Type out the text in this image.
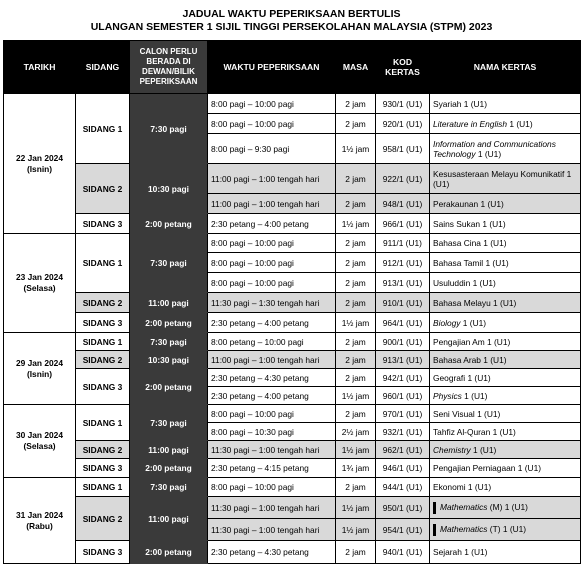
JADUAL WAKTU PEPERIKSAAN BERTULIS
ULANGAN SEMESTER 1 SIJIL TINGGI PERSEKOLAHAN MALAYSIA (STPM) 2023
TARIKH	SIDANG	CALON PERLU BERADA DI DEWAN/BILIK PEPERIKSAAN	WAKTU PEPERIKSAAN	MASA	KOD KERTAS	NAMA KERTAS
22 Jan 2024
(Isnin)	SIDANG 1	7:30 pagi	8:00 pagi – 10:00 pagi	2 jam	930/1 (U1)	Syariah 1 (U1)
			8:00 pagi – 10:00 pagi	2 jam	920/1 (U1)	Literature in English 1 (U1)
			8:00 pagi – 9:30 pagi	1½ jam	958/1 (U1)	Information and Communications Technology 1 (U1)
	SIDANG 2	10:30 pagi	11:00 pagi – 1:00 tengah hari	2 jam	922/1 (U1)	Kesusasteraan Melayu Komunikatif 1 (U1)
			11:00 pagi – 1:00 tengah hari	2 jam	948/1 (U1)	Perakaunan 1 (U1)
	SIDANG 3	2:00 petang	2:30 petang – 4:00 petang	1½ jam	966/1 (U1)	Sains Sukan 1 (U1)
23 Jan 2024
(Selasa)	SIDANG 1	7:30 pagi	8:00 pagi – 10:00 pagi	2 jam	911/1 (U1)	Bahasa Cina 1 (U1)
			8:00 pagi – 10:00 pagi	2 jam	912/1 (U1)	Bahasa Tamil 1 (U1)
			8:00 pagi – 10:00 pagi	2 jam	913/1 (U1)	Usuluddin 1 (U1)
	SIDANG 2	11:00 pagi	11:30 pagi – 1:30 tengah hari	2 jam	910/1 (U1)	Bahasa Melayu 1 (U1)
	SIDANG 3	2:00 petang	2:30 petang – 4:00 petang	1½ jam	964/1 (U1)	Biology 1 (U1)
29 Jan 2024
(Isnin)	SIDANG 1	7:30 pagi	8:00 petang – 10:00 pagi	2 jam	900/1 (U1)	Pengajian Am 1 (U1)
	SIDANG 2	10:30 pagi	11:00 pagi – 1:00 tengah hari	2 jam	913/1 (U1)	Bahasa Arab 1 (U1)
	SIDANG 3	2:00 petang	2:30 petang – 4:30 petang	2 jam	942/1 (U1)	Geografi 1 (U1)
			2:30 petang – 4:00 petang	1½ jam	960/1 (U1)	Physics 1 (U1)
30 Jan 2024
(Selasa)	SIDANG 1	7:30 pagi	8:00 pagi – 10:00 pagi	2 jam	970/1 (U1)	Seni Visual 1 (U1)
			8:00 pagi – 10:30 pagi	2½ jam	932/1 (U1)	Tahfiz Al-Quran 1 (U1)
	SIDANG 2	11:00 pagi	11:30 pagi – 1:00 tengah hari	1½ jam	962/1 (U1)	Chemistry 1 (U1)
	SIDANG 3	2:00 petang	2:30 petang – 4:15 petang	1¾ jam	946/1 (U1)	Pengajian Perniagaan 1 (U1)
31 Jan 2024
(Rabu)	SIDANG 1	7:30 pagi	8:00 pagi – 10:00 pagi	2 jam	944/1 (U1)	Ekonomi 1 (U1)
	SIDANG 2	11:00 pagi	11:30 pagi – 1:00 tengah hari	1½ jam	950/1 (U1)	Mathematics (M) 1 (U1)
			11:30 pagi – 1:00 tengah hari	1½ jam	954/1 (U1)	Mathematics (T) 1 (U1)
	SIDANG 3	2:00 petang	2:30 petang – 4:30 petang	2 jam	940/1 (U1)	Sejarah 1 (U1)
